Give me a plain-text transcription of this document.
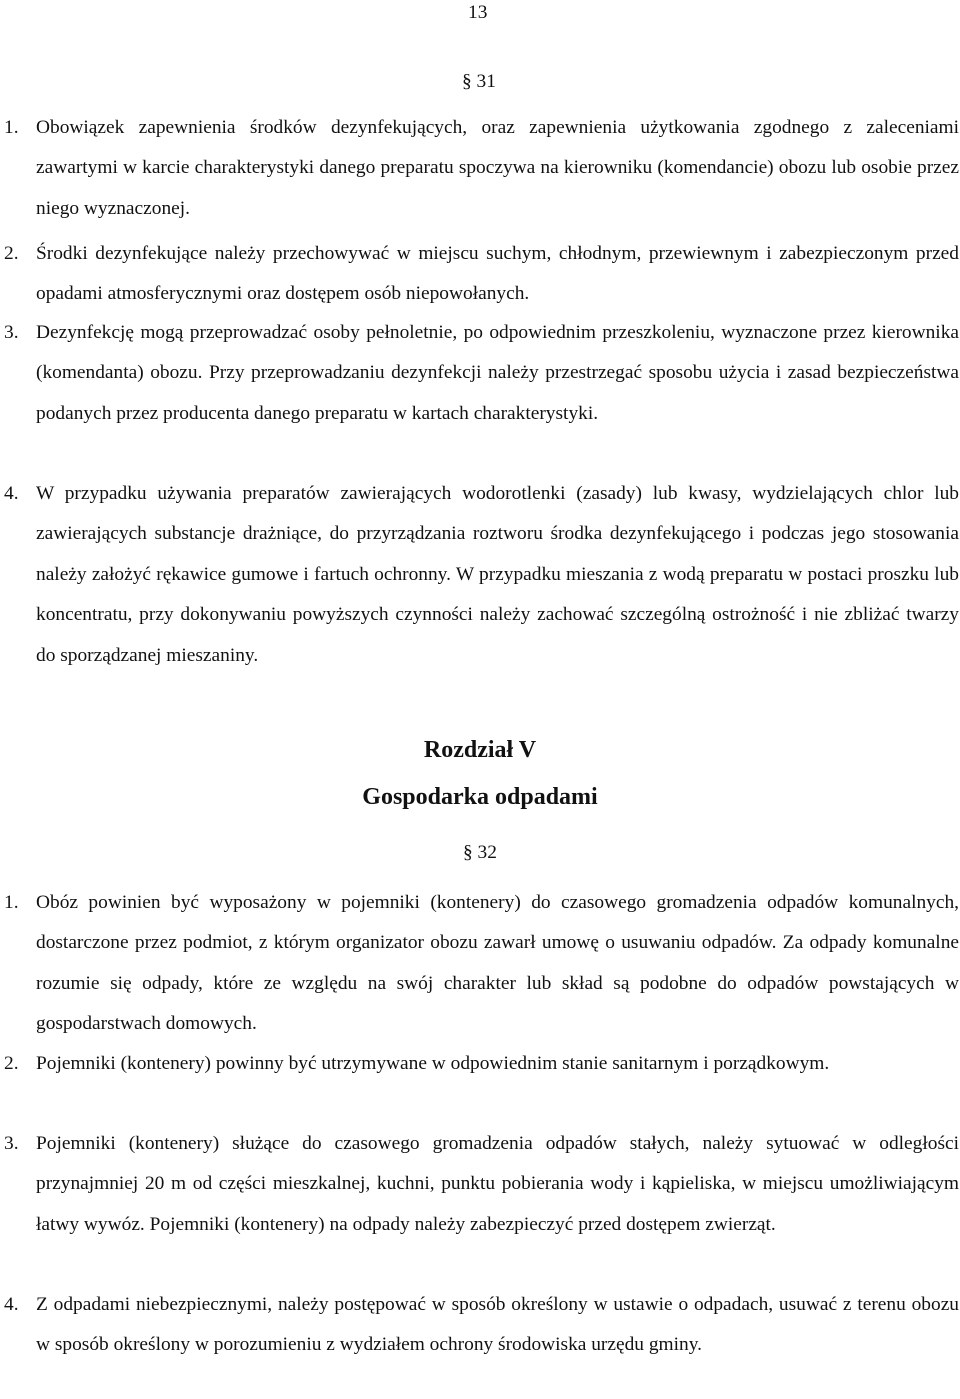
13
§ 31
1. Obowiązek zapewnienia środków dezynfekujących, oraz zapewnienia użytkowania zgodnego z zaleceniami zawartymi w karcie charakterystyki danego preparatu spoczywa na kierowniku (komendancie) obozu lub osobie przez niego wyznaczonej.
2. Środki dezynfekujące należy przechowywać w miejscu suchym, chłodnym, przewiewnym i zabezpieczonym przed opadami atmosferycznymi oraz dostępem osób niepowołanych.
3. Dezynfekcję mogą przeprowadzać osoby pełnoletnie, po odpowiednim przeszkoleniu, wyznaczone przez kierownika (komendanta) obozu. Przy przeprowadzaniu dezynfekcji należy przestrzegać sposobu użycia i zasad bezpieczeństwa podanych przez producenta danego preparatu w kartach charakterystyki.
4. W przypadku używania preparatów zawierających wodorotlenki (zasady) lub kwasy, wydzielających chlor lub zawierających substancje drażniące, do przyrządzania roztworu środka dezynfekującego i podczas jego stosowania należy założyć rękawice gumowe i fartuch ochronny. W przypadku mieszania z wodą preparatu w postaci proszku lub koncentratu, przy dokonywaniu powyższych czynności należy zachować szczególną ostrożność i nie zbliżać twarzy do sporządzanej mieszaniny.
Rozdział V
Gospodarka odpadami
§ 32
1. Obóz powinien być wyposażony w pojemniki (kontenery) do czasowego gromadzenia odpadów komunalnych, dostarczone przez podmiot, z którym organizator obozu zawarł umowę o usuwaniu odpadów. Za odpady komunalne rozumie się odpady, które ze względu na swój charakter lub skład są podobne do odpadów powstających w gospodarstwach domowych.
2. Pojemniki (kontenery) powinny być utrzymywane w odpowiednim stanie sanitarnym i porządkowym.
3. Pojemniki (kontenery) służące do czasowego gromadzenia odpadów stałych, należy sytuować w odległości przynajmniej 20 m od części mieszkalnej, kuchni, punktu pobierania wody i kąpieliska, w miejscu umożliwiającym łatwy wywóz. Pojemniki (kontenery) na odpady należy zabezpieczyć przed dostępem zwierząt.
4. Z odpadami niebezpiecznymi, należy postępować w sposób określony w ustawie o odpadach, usuwać z terenu obozu w sposób określony w porozumieniu z wydziałem ochrony środowiska urzędu gminy.
